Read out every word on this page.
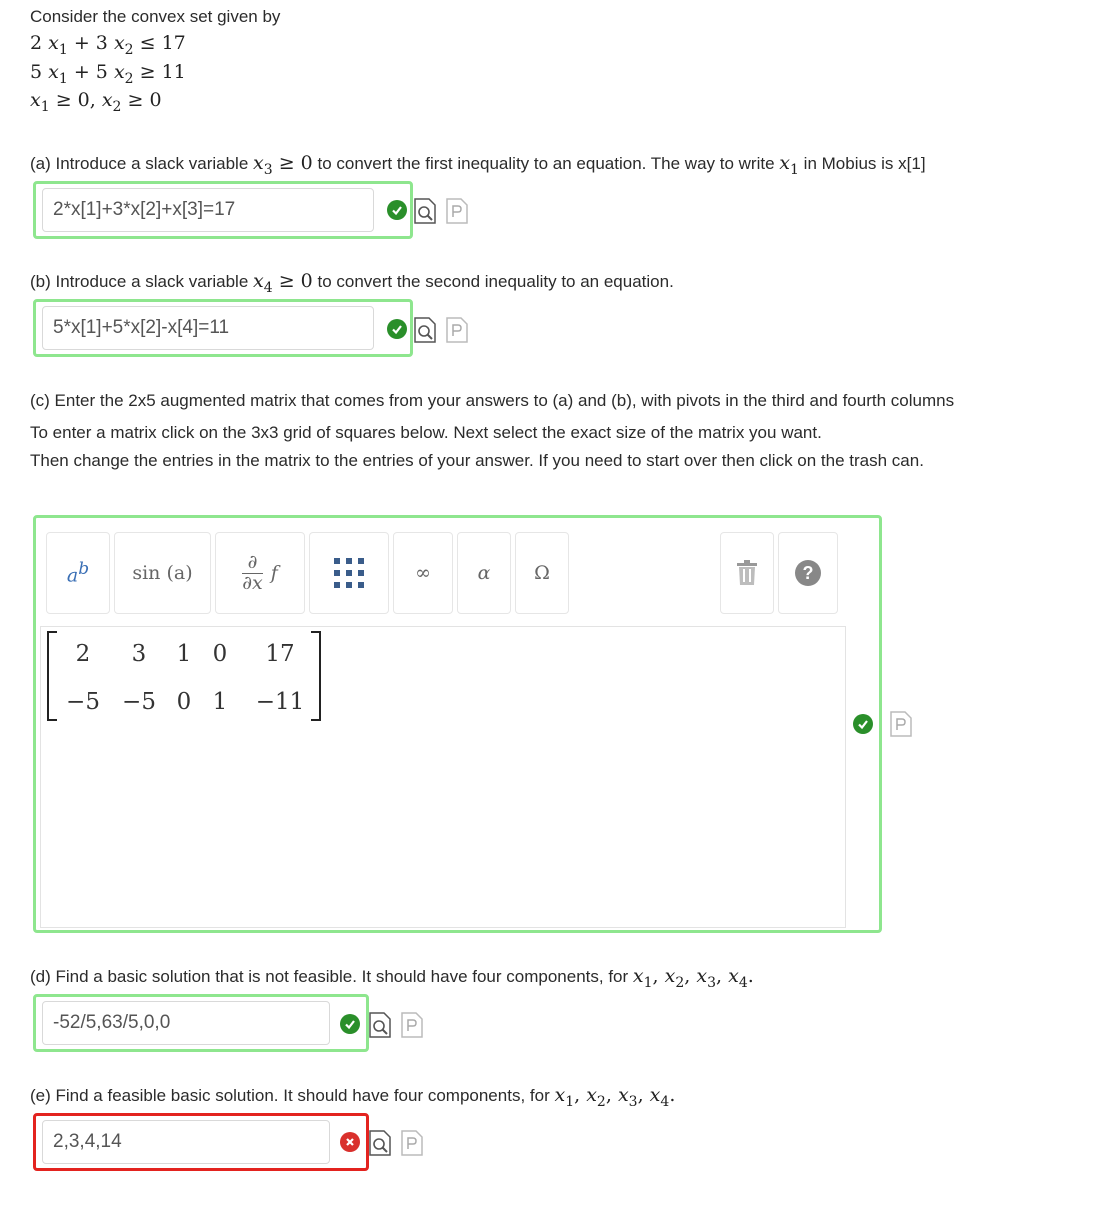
Consider the convex set given by
2 $x_1 + 3$ $x_2 \le 17$
5 $x_1 + 5$ $x_2 \ge 11$
$x_1 \ge 0$, $x_2 \ge 0$
(a) Introduce a slack variable $x_3 \ge 0$ to convert the first inequality to an equation. The way to write $x_1$ in Mobius is x[1]
2*x[1]+3*x[2]+x[3]=17
(b) Introduce a slack variable $x_4 \ge 0$ to convert the second inequality to an equation.
5*x[1]+5*x[2]-x[4]=11
(c) Enter the 2x5 augmented matrix that comes from your answers to (a) and (b), with pivots in the third and fourth columns
To enter a matrix click on the 3x3 grid of squares below. Next select the exact size of the matrix you want.
Then change the entries in the matrix to the entries of your answer. If you need to start over then click on the trash can.
$a^b$ sin (a)
∂
∂x f	∞ α Ω	?
2	3	1 0	17
−5 −5 0 1	−11
(d) Find a basic solution that is not feasible. It should have four components, for $x_1$, $x_2$, $x_3$, $x_4$.
-52/5,63/5,0,0
(e) Find a feasible basic solution. It should have four components, for $x_1$, $x_2$, $x_3$, $x_4$.
2,3,4,14
